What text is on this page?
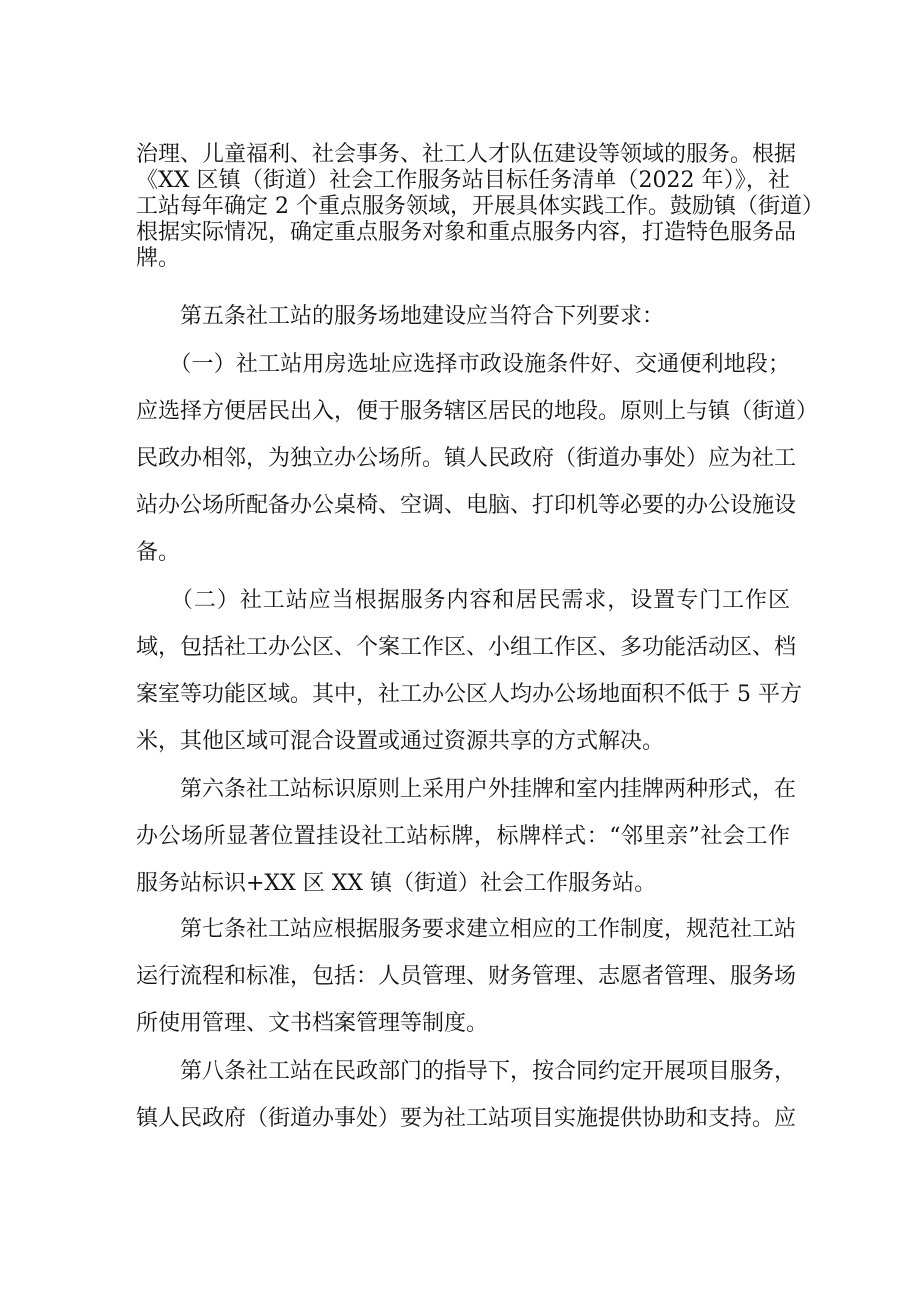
治理、儿童福利、社会事务、社工人才队伍建设等领域的服务。根据
《XX 区镇（街道）社会工作服务站目标任务清单（2022 年）》，社
工站每年确定 2 个重点服务领域，开展具体实践工作。鼓励镇（街道）
根据实际情况，确定重点服务对象和重点服务内容，打造特色服务品
牌。
　　第五条社工站的服务场地建设应当符合下列要求：
　　（一）社工站用房选址应选择市政设施条件好、交通便利地段；
应选择方便居民出入，便于服务辖区居民的地段。原则上与镇（街道）
民政办相邻，为独立办公场所。镇人民政府（街道办事处）应为社工
站办公场所配备办公桌椅、空调、电脑、打印机等必要的办公设施设
备。
　　（二）社工站应当根据服务内容和居民需求，设置专门工作区
域，包括社工办公区、个案工作区、小组工作区、多功能活动区、档
案室等功能区域。其中，社工办公区人均办公场地面积不低于 5 平方
米，其他区域可混合设置或通过资源共享的方式解决。
　　第六条社工站标识原则上采用户外挂牌和室内挂牌两种形式，在
办公场所显著位置挂设社工站标牌，标牌样式：“邻里亲”社会工作
服务站标识+XX 区 XX 镇（街道）社会工作服务站。
　　第七条社工站应根据服务要求建立相应的工作制度，规范社工站
运行流程和标准，包括：人员管理、财务管理、志愿者管理、服务场
所使用管理、文书档案管理等制度。
　　第八条社工站在民政部门的指导下，按合同约定开展项目服务，
镇人民政府（街道办事处）要为社工站项目实施提供协助和支持。应
